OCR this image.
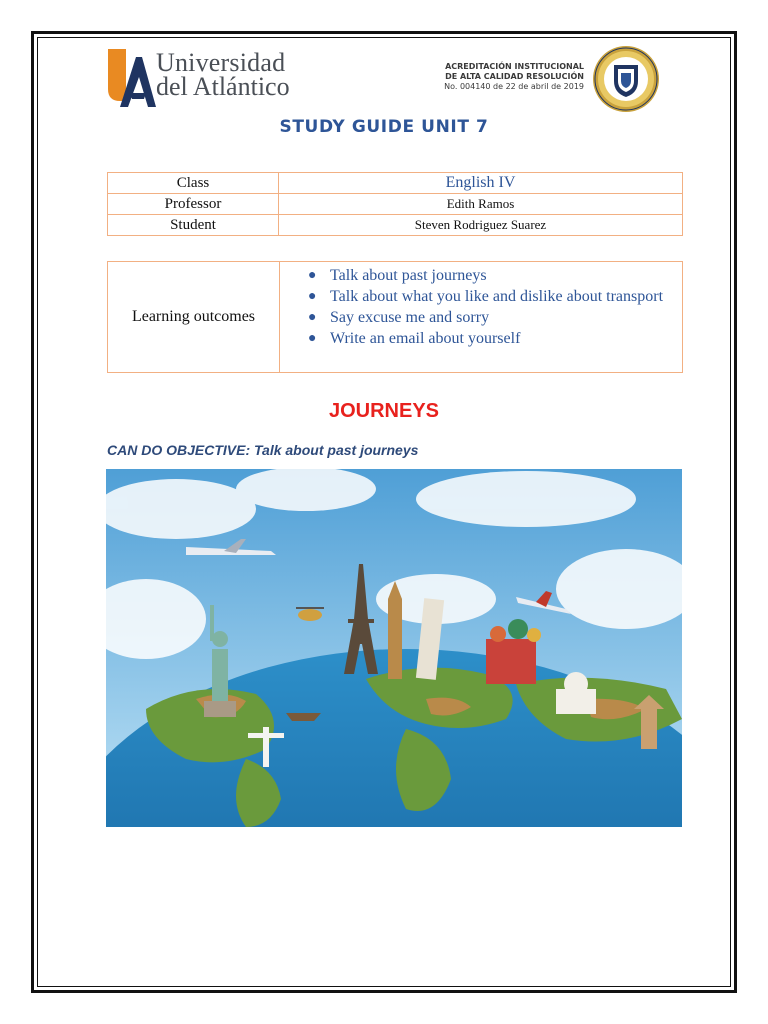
Universidad
del Atlántico
ACREDITACIÓN INSTITUCIONAL
DE ALTA CALIDAD RESOLUCIÓN
No. 004140 de 22 de abril de 2019
STUDY GUIDE UNIT 7
Class	English IV
Professor	Edith Ramos
Student	Steven Rodriguez Suarez
Learning outcomes
● Talk about past journeys
● Talk about what you like and dislike about transport
● Say excuse me and sorry
● Write an email about yourself
JOURNEYS
CAN DO OBJECTIVE: Talk about past journeys
